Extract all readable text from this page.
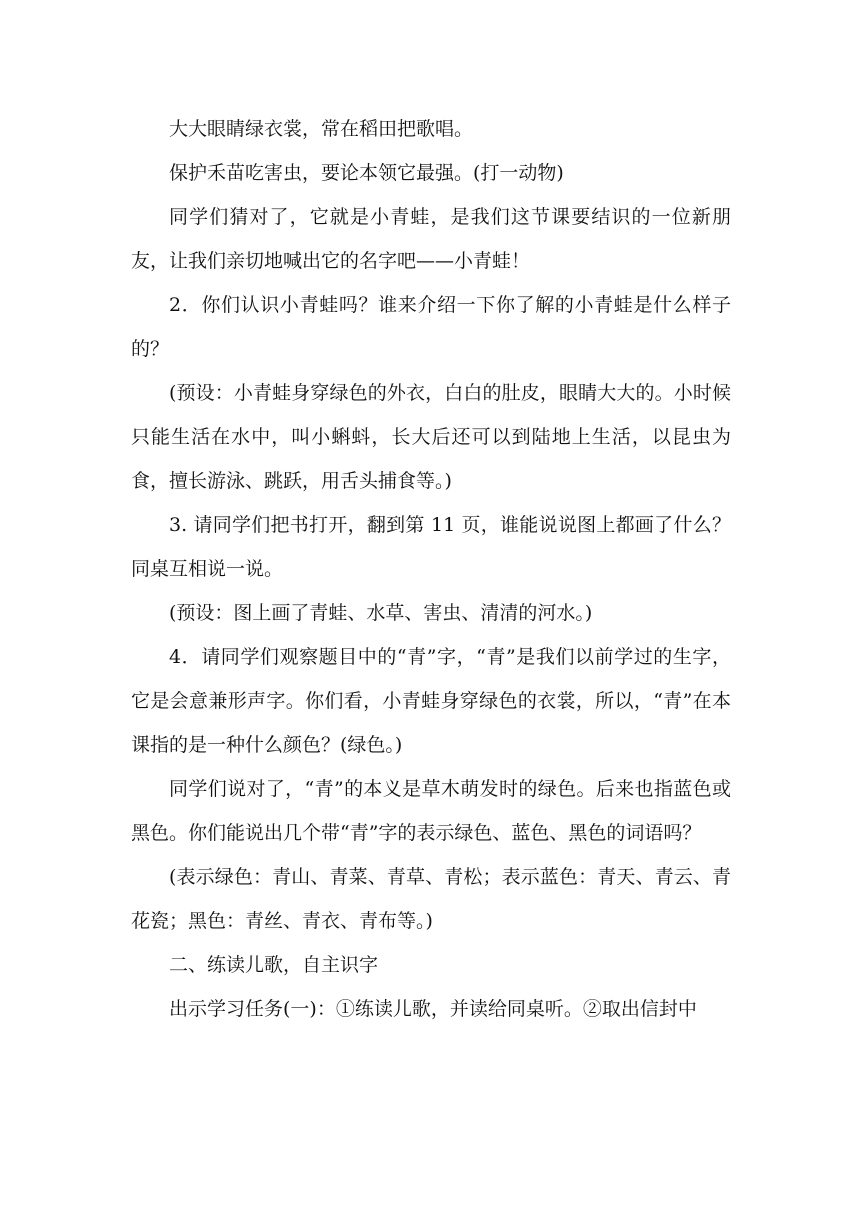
大大眼睛绿衣裳，常在稻田把歌唱。

保护禾苗吃害虫，要论本领它最强。(打一动物)

同学们猜对了，它就是小青蛙，是我们这节课要结识的一位新朋友，让我们亲切地喊出它的名字吧——小青蛙！

2．你们认识小青蛙吗？谁来介绍一下你了解的小青蛙是什么样子的？

(预设：小青蛙身穿绿色的外衣，白白的肚皮，眼睛大大的。小时候只能生活在水中，叫小蝌蚪，长大后还可以到陆地上生活，以昆虫为食，擅长游泳、跳跃，用舌头捕食等。)

3. 请同学们把书打开，翻到第 11 页，谁能说说图上都画了什么？同桌互相说一说。

(预设：图上画了青蛙、水草、害虫、清清的河水。)

4．请同学们观察题目中的“青”字，“青”是我们以前学过的生字，它是会意兼形声字。你们看，小青蛙身穿绿色的衣裳，所以，“青”在本课指的是一种什么颜色？(绿色。)

同学们说对了，“青”的本义是草木萌发时的绿色。后来也指蓝色或黑色。你们能说出几个带“青”字的表示绿色、蓝色、黑色的词语吗？

(表示绿色：青山、青菜、青草、青松；表示蓝色：青天、青云、青花瓷；黑色：青丝、青衣、青布等。)

二、练读儿歌，自主识字

出示学习任务(一)：①练读儿歌，并读给同桌听。②取出信封中
